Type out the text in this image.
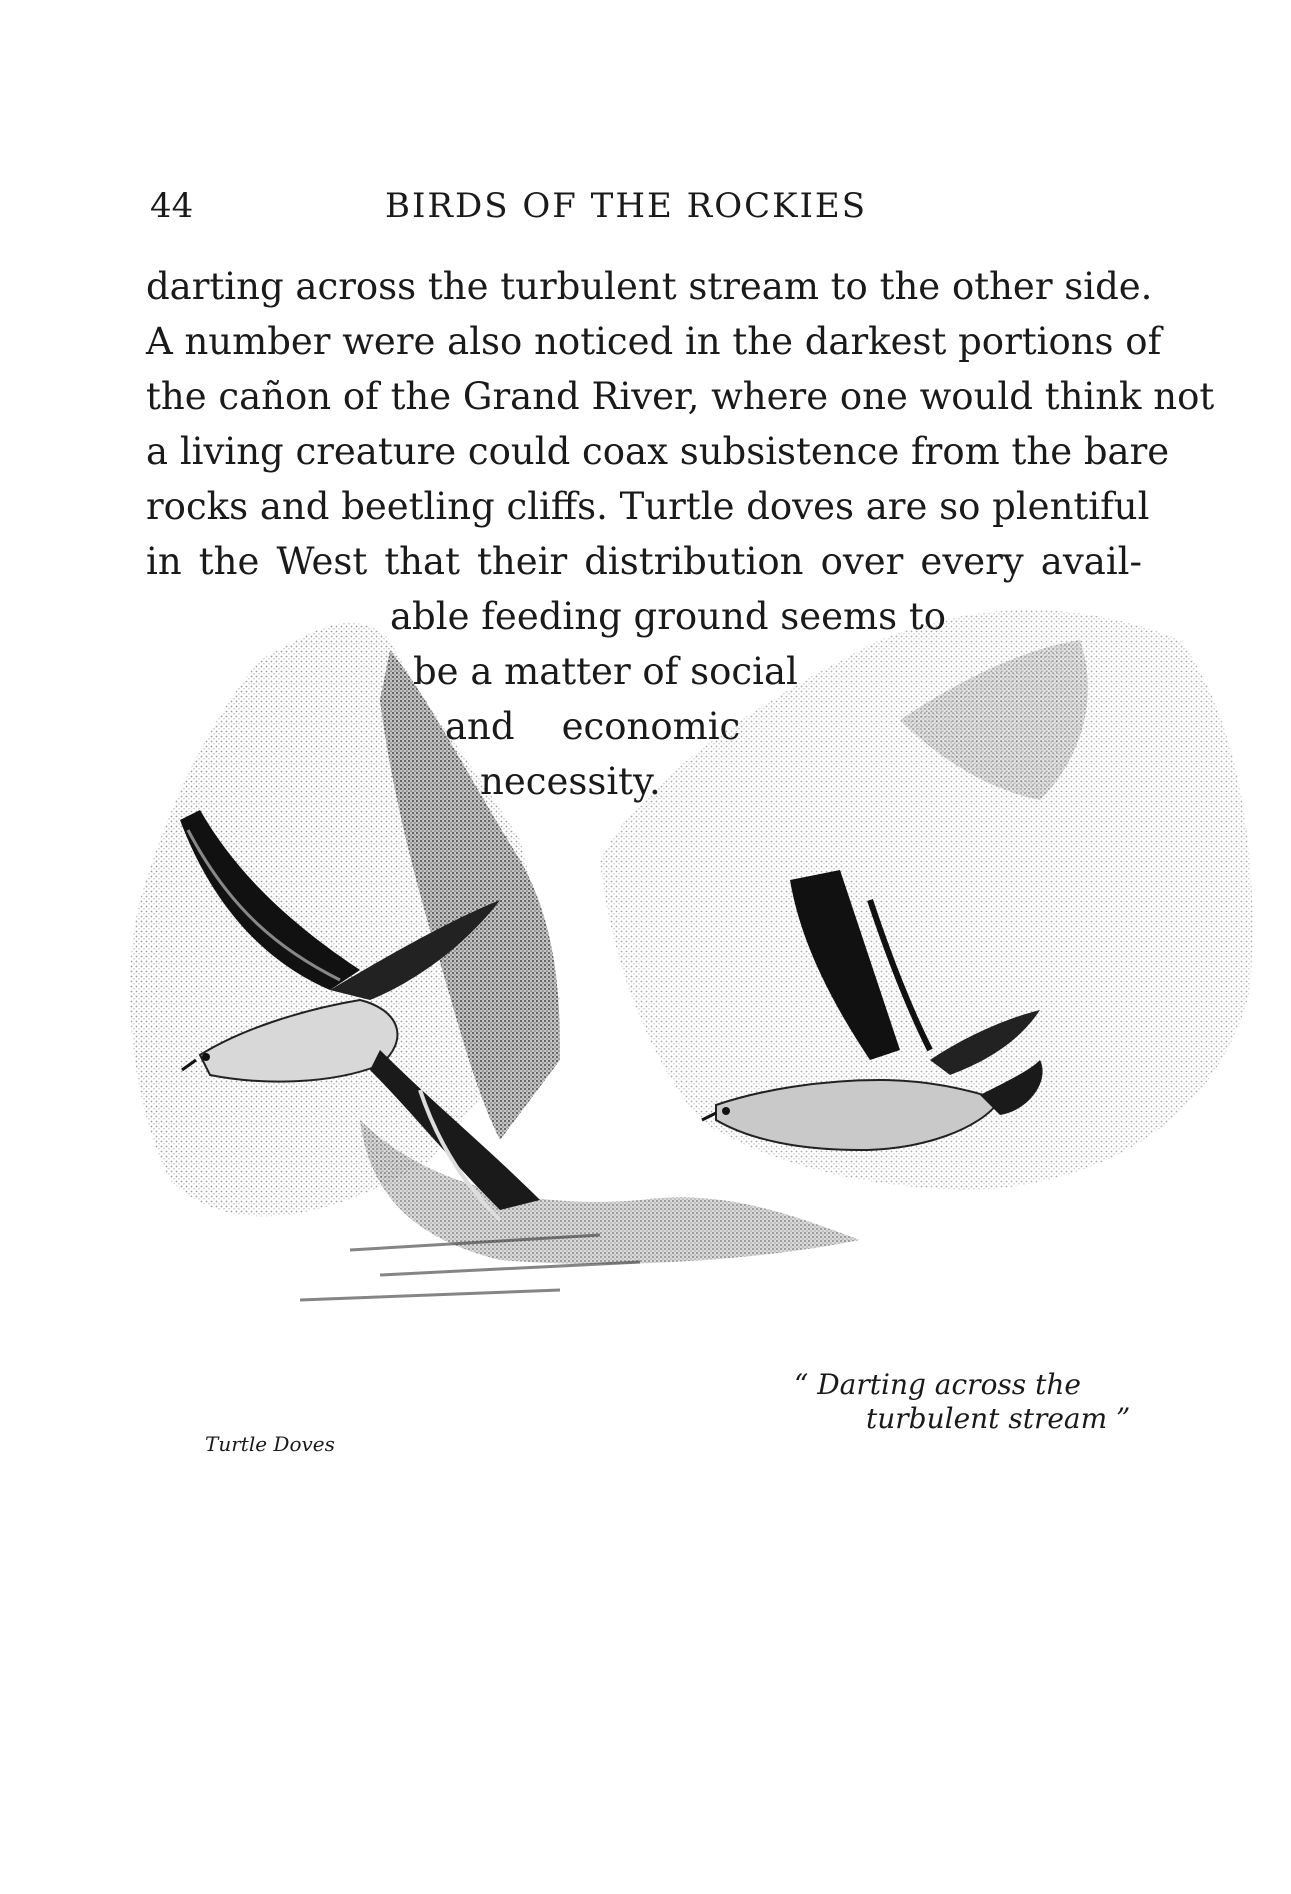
44	BIRDS OF THE ROCKIES
darting across the turbulent stream to the other side.
A number were also noticed in the darkest portions of
the cañon of the Grand River, where one would think not
a living creature could coax subsistence from the bare
rocks and beetling cliffs. Turtle doves are so plentiful
in the West that their distribution over every avail-
able feeding ground seems to
be a matter of social
and    economic
necessity.
“ Darting across the
turbulent stream ”
Turtle Doves
